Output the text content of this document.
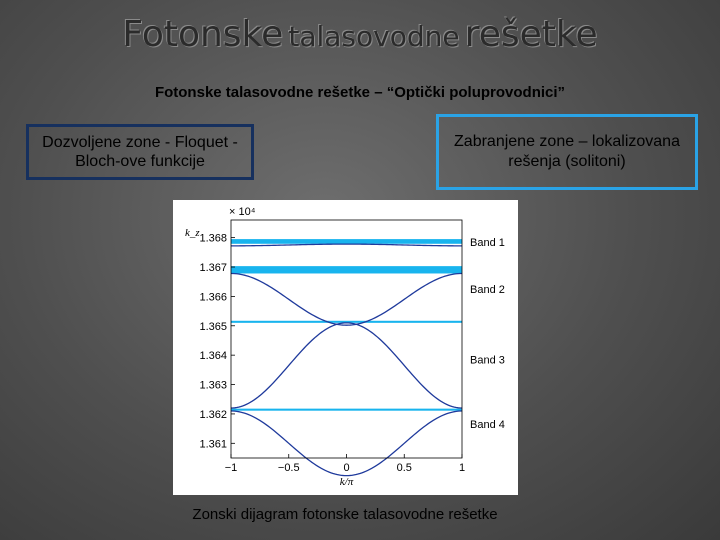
Fotonske talasovodne rešetke
Fotonske talasovodne rešetke – “Optički poluprovodnici”
Dozvoljene zone - Floquet -Bloch-ove funkcije
Zabranjene zone – lokalizovana rešenja (solitoni)
1.368
1.367
1.366
1.365
1.364
1.363
1.362
1.361
−1	−0.5	0	0.5	1
k_z
× 10⁴
k/π
Band 1
Band 2
Band 3
Band 4
Zonski dijagram fotonske talasovodne rešetke
